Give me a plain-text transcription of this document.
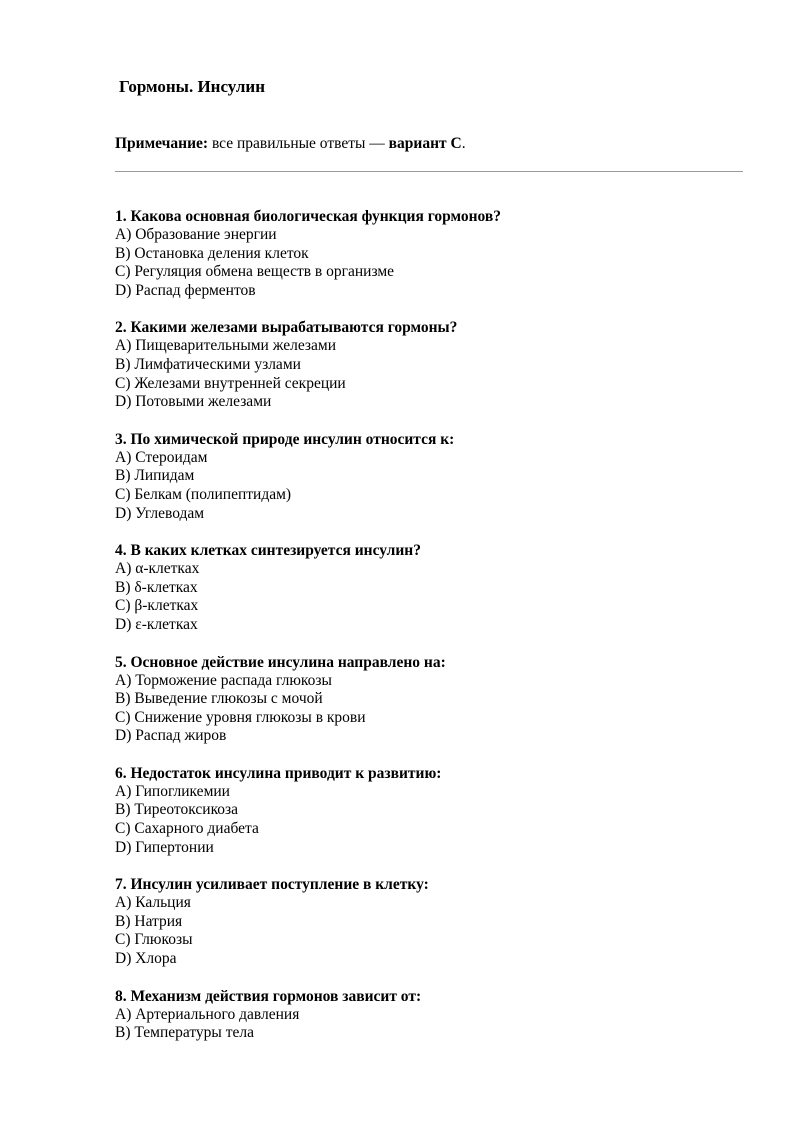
Гормоны. Инсулин
Примечание: все правильные ответы — вариант С.
1. Какова основная биологическая функция гормонов?
A) Образование энергии
B) Остановка деления клеток
C) Регуляция обмена веществ в организме
D) Распад ферментов
2. Какими железами вырабатываются гормоны?
A) Пищеварительными железами
B) Лимфатическими узлами
C) Железами внутренней секреции
D) Потовыми железами
3. По химической природе инсулин относится к:
A) Стероидам
B) Липидам
C) Белкам (полипептидам)
D) Углеводам
4. В каких клетках синтезируется инсулин?
A) α-клетках
B) δ-клетках
C) β-клетках
D) ε-клетках
5. Основное действие инсулина направлено на:
A) Торможение распада глюкозы
B) Выведение глюкозы с мочой
C) Снижение уровня глюкозы в крови
D) Распад жиров
6. Недостаток инсулина приводит к развитию:
A) Гипогликемии
B) Тиреотоксикоза
C) Сахарного диабета
D) Гипертонии
7. Инсулин усиливает поступление в клетку:
A) Кальция
B) Натрия
C) Глюкозы
D) Хлора
8. Механизм действия гормонов зависит от:
A) Артериального давления
B) Температуры тела
